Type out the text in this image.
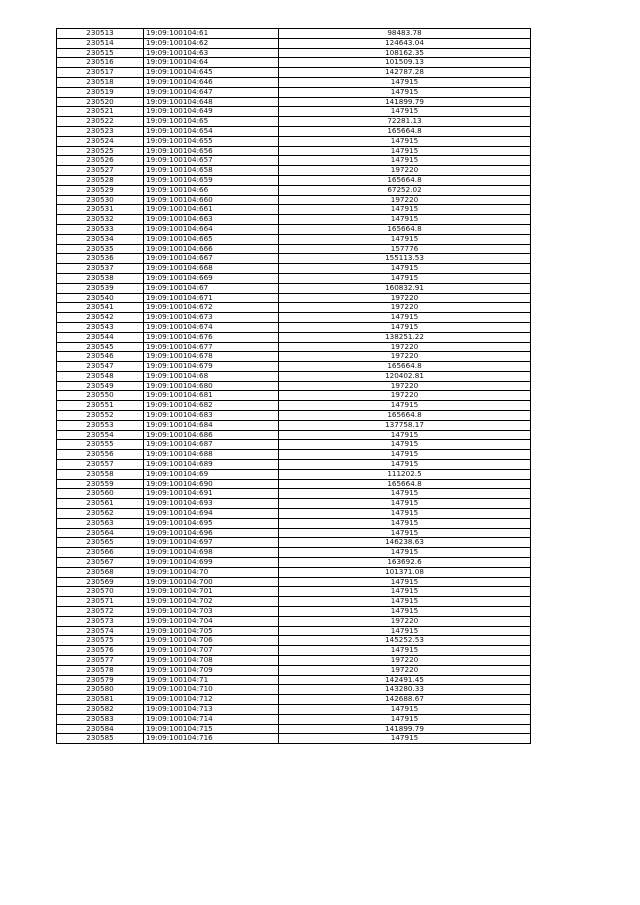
230513	19:09:100104:61	98483.78
230514	19:09:100104:62	124643.04
230515	19:09:100104:63	108162.35
230516	19:09:100104:64	101509.13
230517	19:09:100104:645	142787.28
230518	19:09:100104:646	147915
230519	19:09:100104:647	147915
230520	19:09:100104:648	141899.79
230521	19:09:100104:649	147915
230522	19:09:100104:65	72281.13
230523	19:09:100104:654	165664.8
230524	19:09:100104:655	147915
230525	19:09:100104:656	147915
230526	19:09:100104:657	147915
230527	19:09:100104:658	197220
230528	19:09:100104:659	165664.8
230529	19:09:100104:66	67252.02
230530	19:09:100104:660	197220
230531	19:09:100104:661	147915
230532	19:09:100104:663	147915
230533	19:09:100104:664	165664.8
230534	19:09:100104:665	147915
230535	19:09:100104:666	157776
230536	19:09:100104:667	155113.53
230537	19:09:100104:668	147915
230538	19:09:100104:669	147915
230539	19:09:100104:67	160832.91
230540	19:09:100104:671	197220
230541	19:09:100104:672	197220
230542	19:09:100104:673	147915
230543	19:09:100104:674	147915
230544	19:09:100104:676	138251.22
230545	19:09:100104:677	197220
230546	19:09:100104:678	197220
230547	19:09:100104:679	165664.8
230548	19:09:100104:68	120402.81
230549	19:09:100104:680	197220
230550	19:09:100104:681	197220
230551	19:09:100104:682	147915
230552	19:09:100104:683	165664.8
230553	19:09:100104:684	137758.17
230554	19:09:100104:686	147915
230555	19:09:100104:687	147915
230556	19:09:100104:688	147915
230557	19:09:100104:689	147915
230558	19:09:100104:69	111202.5
230559	19:09:100104:690	165664.8
230560	19:09:100104:691	147915
230561	19:09:100104:693	147915
230562	19:09:100104:694	147915
230563	19:09:100104:695	147915
230564	19:09:100104:696	147915
230565	19:09:100104:697	146238.63
230566	19:09:100104:698	147915
230567	19:09:100104:699	163692.6
230568	19:09:100104:70	101371.08
230569	19:09:100104:700	147915
230570	19:09:100104:701	147915
230571	19:09:100104:702	147915
230572	19:09:100104:703	147915
230573	19:09:100104:704	197220
230574	19:09:100104:705	147915
230575	19:09:100104:706	145252.53
230576	19:09:100104:707	147915
230577	19:09:100104:708	197220
230578	19:09:100104:709	197220
230579	19:09:100104:71	142491.45
230580	19:09:100104:710	143280.33
230581	19:09:100104:712	142688.67
230582	19:09:100104:713	147915
230583	19:09:100104:714	147915
230584	19:09:100104:715	141899.79
230585	19:09:100104:716	147915
